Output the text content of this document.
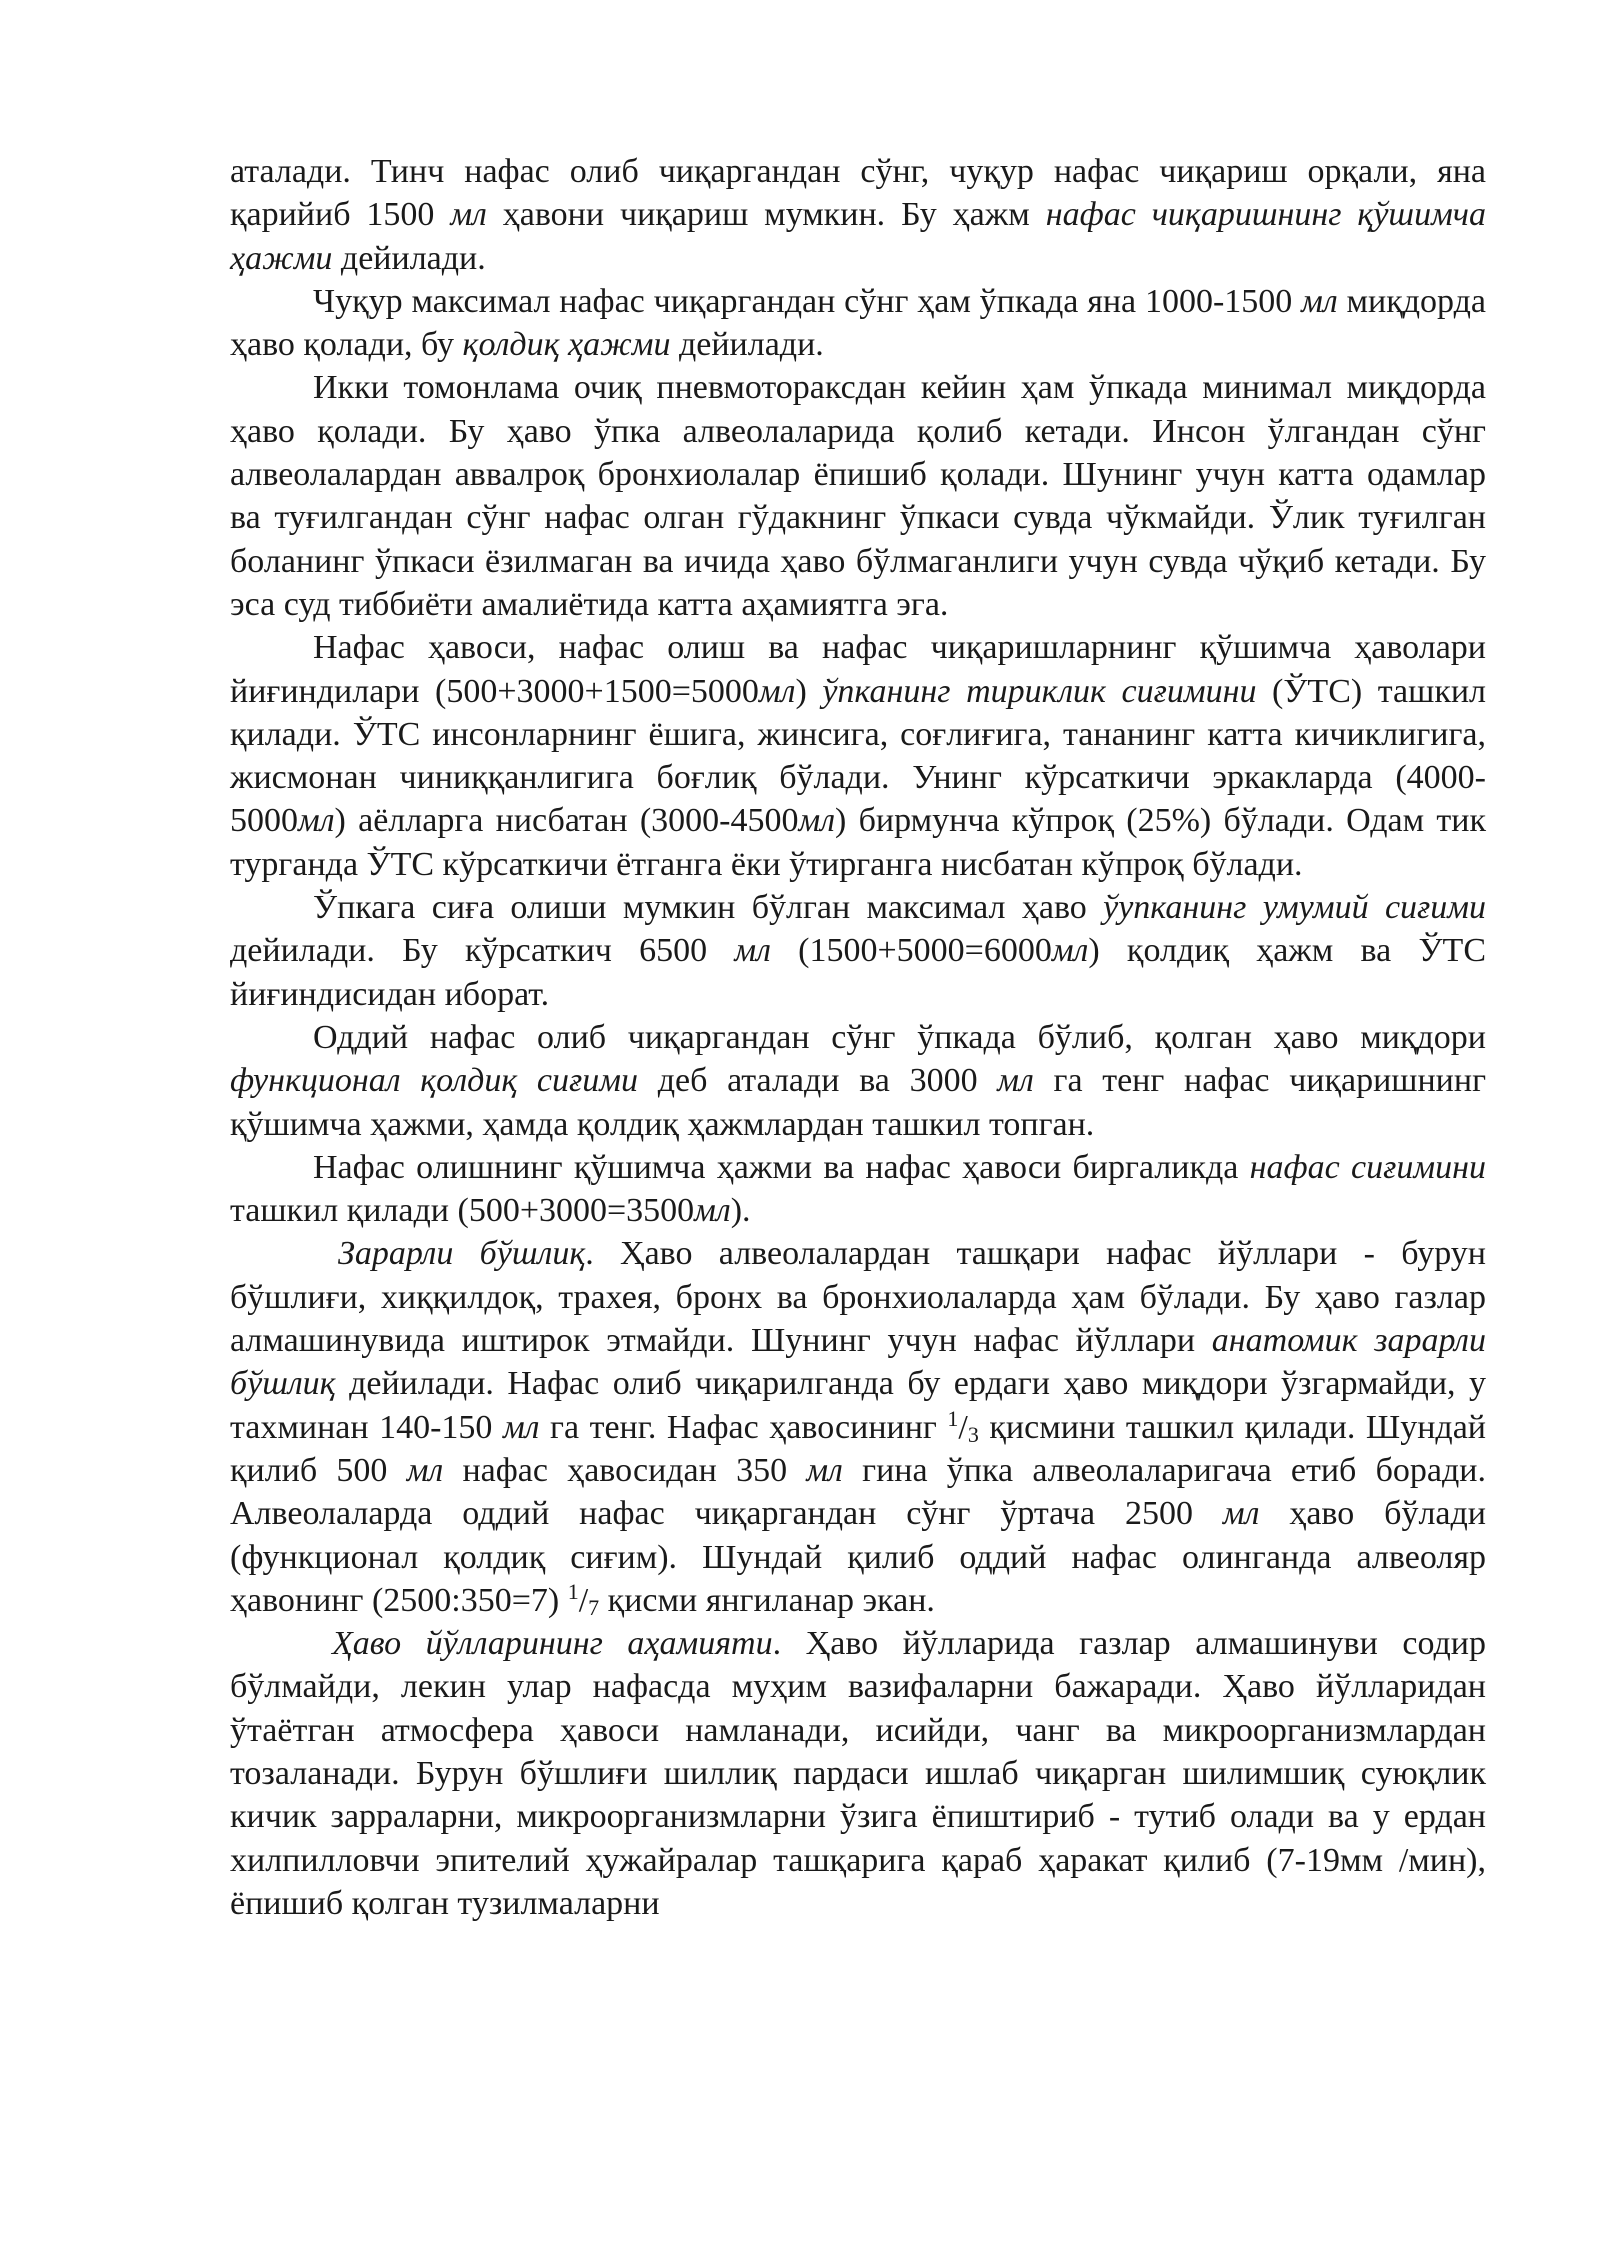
аталади. Тинч нафас олиб чиқаргандан сўнг, чуқур нафас чиқариш орқали, яна қарийиб 1500 мл ҳавони чиқариш мумкин. Бу ҳажм нафас чиқаришнинг қўшимча ҳажми дейилади.

Чуқур максимал нафас чиқаргандан сўнг ҳам ўпкада яна 1000-1500 мл миқдорда ҳаво қолади, бу қолдиқ ҳажми дейилади.

Икки томонлама очиқ пневмотораксдан кейин ҳам ўпкада минимал миқдорда ҳаво қолади. Бу ҳаво ўпка алвеолаларида қолиб кетади. Инсон ўлгандан сўнг алвеолалардан аввалроқ бронхиолалар ёпишиб қолади. Шунинг учун катта одамлар ва туғилгандан сўнг нафас олган гўдакнинг ўпкаси сувда чўкмайди. Ўлик туғилган боланинг ўпкаси ёзилмаган ва ичида ҳаво бўлмаганлиги учун сувда чўқиб кетади. Бу эса суд тиббиёти амалиётида катта аҳамиятга эга.

Нафас ҳавоси, нафас олиш ва нафас чиқаришларнинг қўшимча ҳаволари йиғиндилари (500+3000+1500=5000мл) ўпканинг тириклик сиғимини (ЎТС) ташкил қилади. ЎТС инсонларнинг ёшига, жинсига, соғлиғига, тананинг катта кичиклигига, жисмонан чиниққанлигига боғлиқ бўлади. Унинг кўрсаткичи эркакларда (4000-5000мл) аёлларга нисбатан (3000-4500мл) бирмунча кўпроқ (25%) бўлади. Одам тик турганда ЎТС кўрсаткичи ётганга ёки ўтирганга нисбатан кўпроқ бўлади.

Ўпкага сиға олиши мумкин бўлган максимал ҳаво ўупканинг умумий сиғими дейилади. Бу кўрсаткич 6500 мл (1500+5000=6000мл) қолдиқ ҳажм ва ЎТС йиғиндисидан иборат.

Оддий нафас олиб чиқаргандан сўнг ўпкада бўлиб, қолган ҳаво миқдори функционал қолдиқ сиғими деб аталади ва 3000 мл га тенг нафас чиқаришнинг қўшимча ҳажми, ҳамда қолдиқ ҳажмлардан ташкил топган.

Нафас олишнинг қўшимча ҳажми ва нафас ҳавоси биргаликда нафас сиғимини ташкил қилади (500+3000=3500мл).

Зарарли бўшлиқ. Ҳаво алвеолалардан ташқари нафас йўллари - бурун бўшлиғи, хиққилдоқ, трахея, бронх ва бронхиолаларда ҳам бўлади. Бу ҳаво газлар алмашинувида иштирок этмайди. Шунинг учун нафас йўллари анатомик зарарли бўшлиқ дейилади. Нафас олиб чиқарилганда бу ердаги ҳаво миқдори ўзгармайди, у тахминан 140-150 мл га тенг. Нафас ҳавосининг $^1/_3$ қисмини ташкил қилади. Шундай қилиб 500 мл нафас ҳавосидан 350 мл гина ўпка алвеолаларигача етиб боради. Алвеолаларда оддий нафас чиқаргандан сўнг ўртача 2500 мл ҳаво бўлади (функционал қолдиқ сиғим). Шундай қилиб оддий нафас олинганда алвеоляр ҳавонинг (2500:350=7) $^1/_7$ қисми янгиланар экан.

Ҳаво йўлларининг аҳамияти. Ҳаво йўлларида газлар алмашинуви содир бўлмайди, лекин улар нафасда муҳим вазифаларни бажаради. Ҳаво йўлларидан ўтаётган атмосфера ҳавоси намланади, исийди, чанг ва микроорганизмлардан тозаланади. Бурун бўшлиғи шиллиқ пардаси ишлаб чиқарган шилимшиқ суюқлик кичик зарраларни, микроорганизмларни ўзига ёпиштириб - тутиб олади ва у ердан хилпилловчи эпителий ҳужайралар ташқарига қараб ҳаракат қилиб (7-19мм /мин), ёпишиб қолган тузилмаларни
